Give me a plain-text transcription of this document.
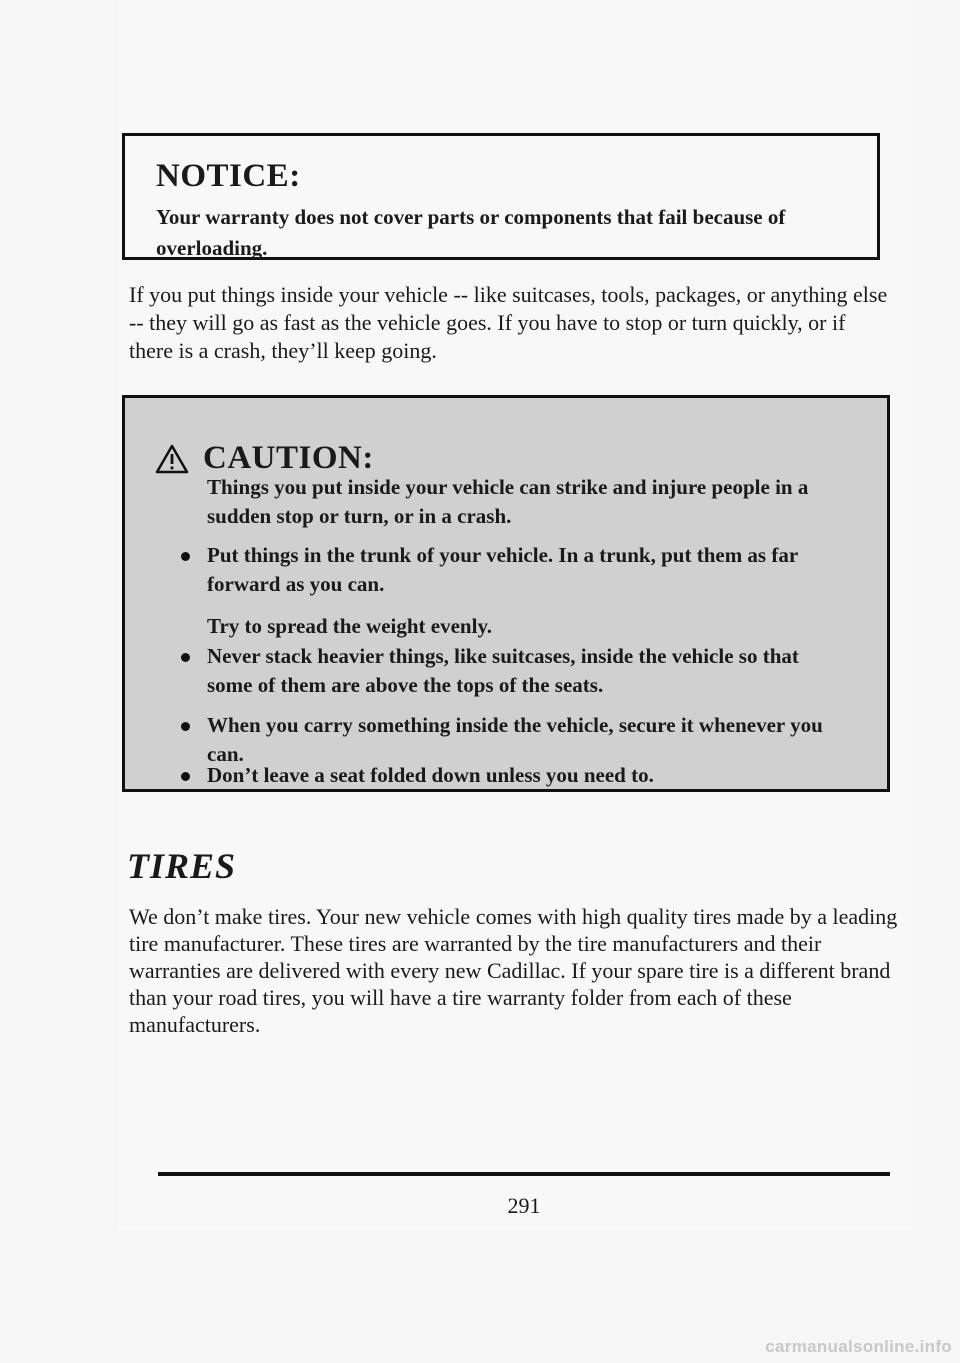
NOTICE:

Your warranty does not cover parts or components that fail because of overloading.

If you put things inside your vehicle -- like suitcases, tools, packages, or anything else -- they will go as fast as the vehicle goes. If you have to stop or turn quickly, or if there is a crash, they’ll keep going.

CAUTION:

Things you put inside your vehicle can strike and injure people in a sudden stop or turn, or in a crash.

Put things in the trunk of your vehicle. In a trunk, put them as far forward as you can.

Try to spread the weight evenly.

Never stack heavier things, like suitcases, inside the vehicle so that some of them are above the tops of the seats.

When you carry something inside the vehicle, secure it whenever you can.

Don’t leave a seat folded down unless you need to.

TIRES

We don’t make tires. Your new vehicle comes with high quality tires made by a leading tire manufacturer. These tires are warranted by the tire manufacturers and their warranties are delivered with every new Cadillac. If your spare tire is a different brand than your road tires, you will have a tire warranty folder from each of these manufacturers.

291

carmanualsonline.info
